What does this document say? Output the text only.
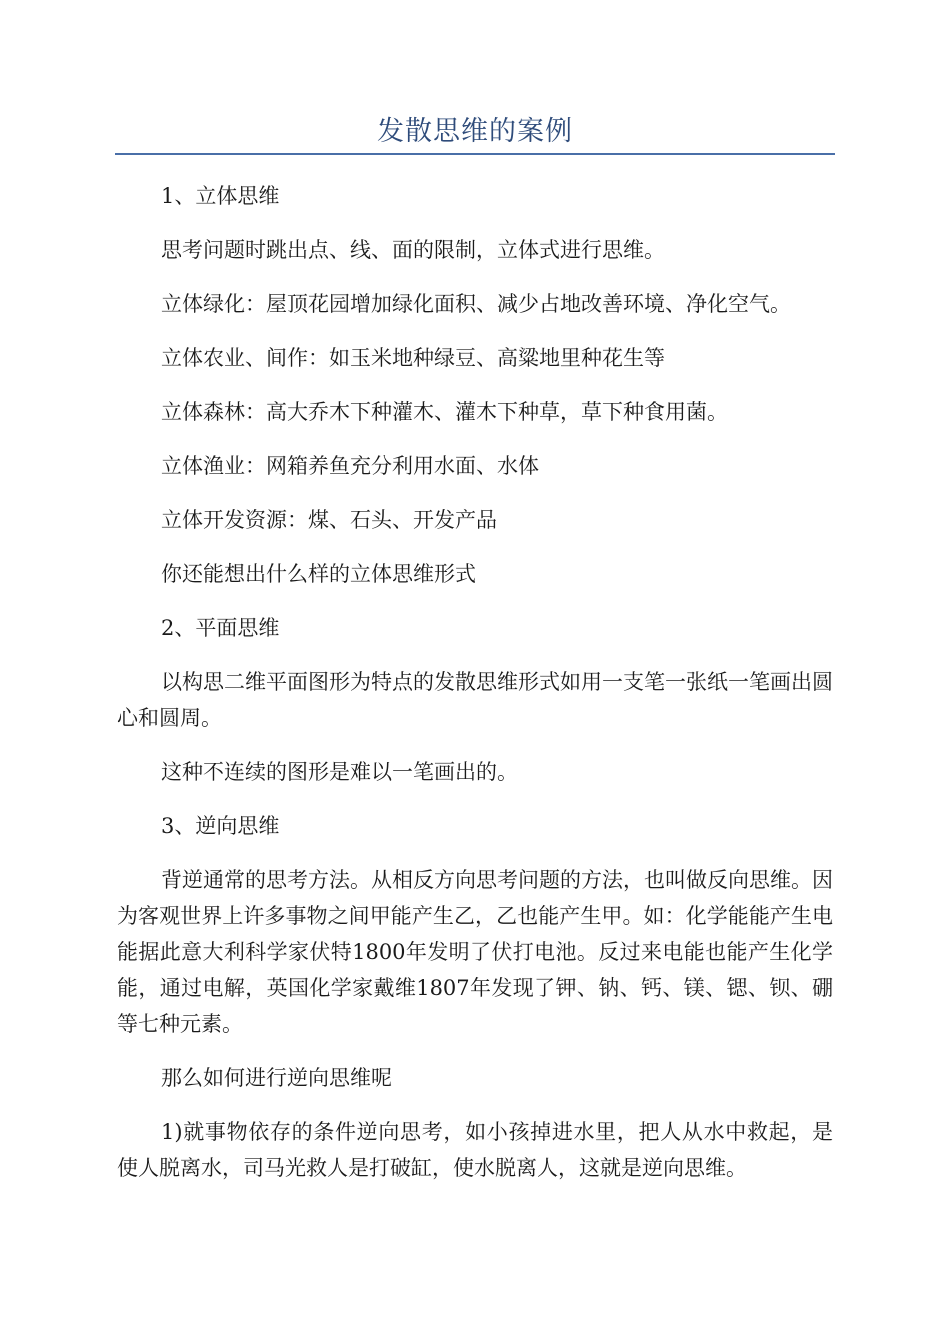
发散思维的案例

1、立体思维

思考问题时跳出点、线、面的限制，立体式进行思维。

立体绿化：屋顶花园增加绿化面积、减少占地改善环境、净化空气。

立体农业、间作：如玉米地种绿豆、高粱地里种花生等

立体森林：高大乔木下种灌木、灌木下种草，草下种食用菌。

立体渔业：网箱养鱼充分利用水面、水体

立体开发资源：煤、石头、开发产品

你还能想出什么样的立体思维形式

2、平面思维

以构思二维平面图形为特点的发散思维形式如用一支笔一张纸一笔画出圆心和圆周。

这种不连续的图形是难以一笔画出的。

3、逆向思维

背逆通常的思考方法。从相反方向思考问题的方法，也叫做反向思维。因为客观世界上许多事物之间甲能产生乙，乙也能产生甲。如：化学能能产生电能据此意大利科学家伏特1800年发明了伏打电池。反过来电能也能产生化学能，通过电解，英国化学家戴维1807年发现了钾、钠、钙、镁、锶、钡、硼等七种元素。

那么如何进行逆向思维呢

1)就事物依存的条件逆向思考，如小孩掉进水里，把人从水中救起，是使人脱离水，司马光救人是打破缸，使水脱离人，这就是逆向思维。
